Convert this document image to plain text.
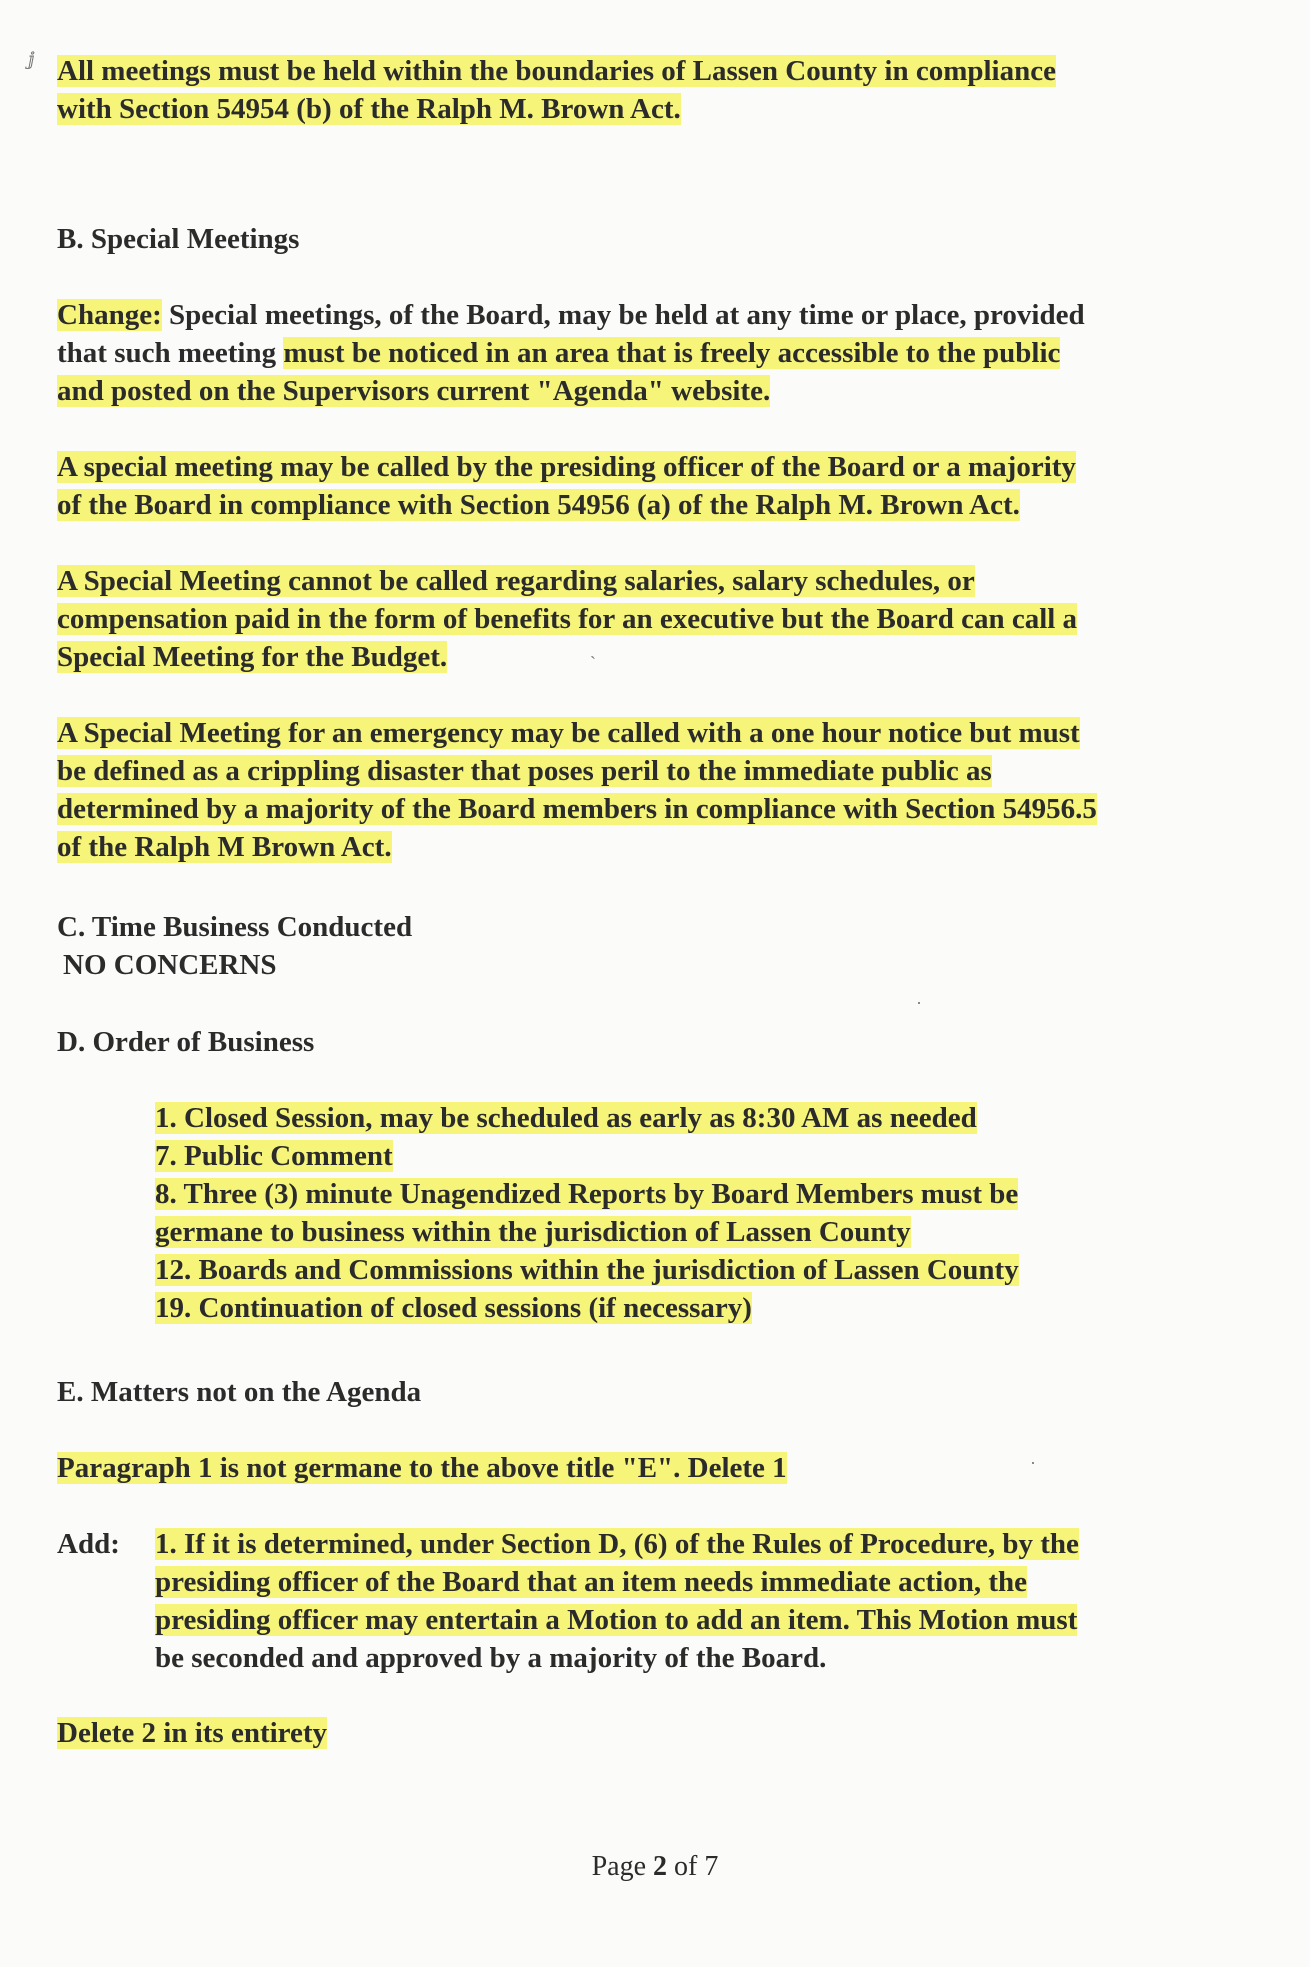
All meetings must be held within the boundaries of Lassen County in compliance
with Section 54954 (b) of the Ralph M. Brown Act.
B. Special Meetings
Change: Special meetings, of the Board, may be held at any time or place, provided
that such meeting must be noticed in an area that is freely accessible to the public
and posted on the Supervisors current "Agenda" website.
A special meeting may be called by the presiding officer of the Board or a majority
of the Board in compliance with Section 54956 (a) of the Ralph M. Brown Act.
A Special Meeting cannot be called regarding salaries, salary schedules, or
compensation paid in the form of benefits for an executive but the Board can call a
Special Meeting for the Budget.
A Special Meeting for an emergency may be called with a one hour notice but must
be defined as a crippling disaster that poses peril to the immediate public as
determined by a majority of the Board members in compliance with Section 54956.5
of the Ralph M Brown Act.
C. Time Business Conducted
NO CONCERNS
D. Order of Business
1. Closed Session, may be scheduled as early as 8:30 AM as needed
7. Public Comment
8. Three (3) minute Unagendized Reports by Board Members must be
germane to business within the jurisdiction of Lassen County
12. Boards and Commissions within the jurisdiction of Lassen County
19. Continuation of closed sessions (if necessary)
E. Matters not on the Agenda
Paragraph 1 is not germane to the above title "E". Delete 1
Add: 1. If it is determined, under Section D, (6) of the Rules of Procedure, by the
presiding officer of the Board that an item needs immediate action, the
presiding officer may entertain a Motion to add an item. This Motion must
be seconded and approved by a majority of the Board.
Delete 2 in its entirety
Page 2 of 7
ⅉ
ˋ
·
·
